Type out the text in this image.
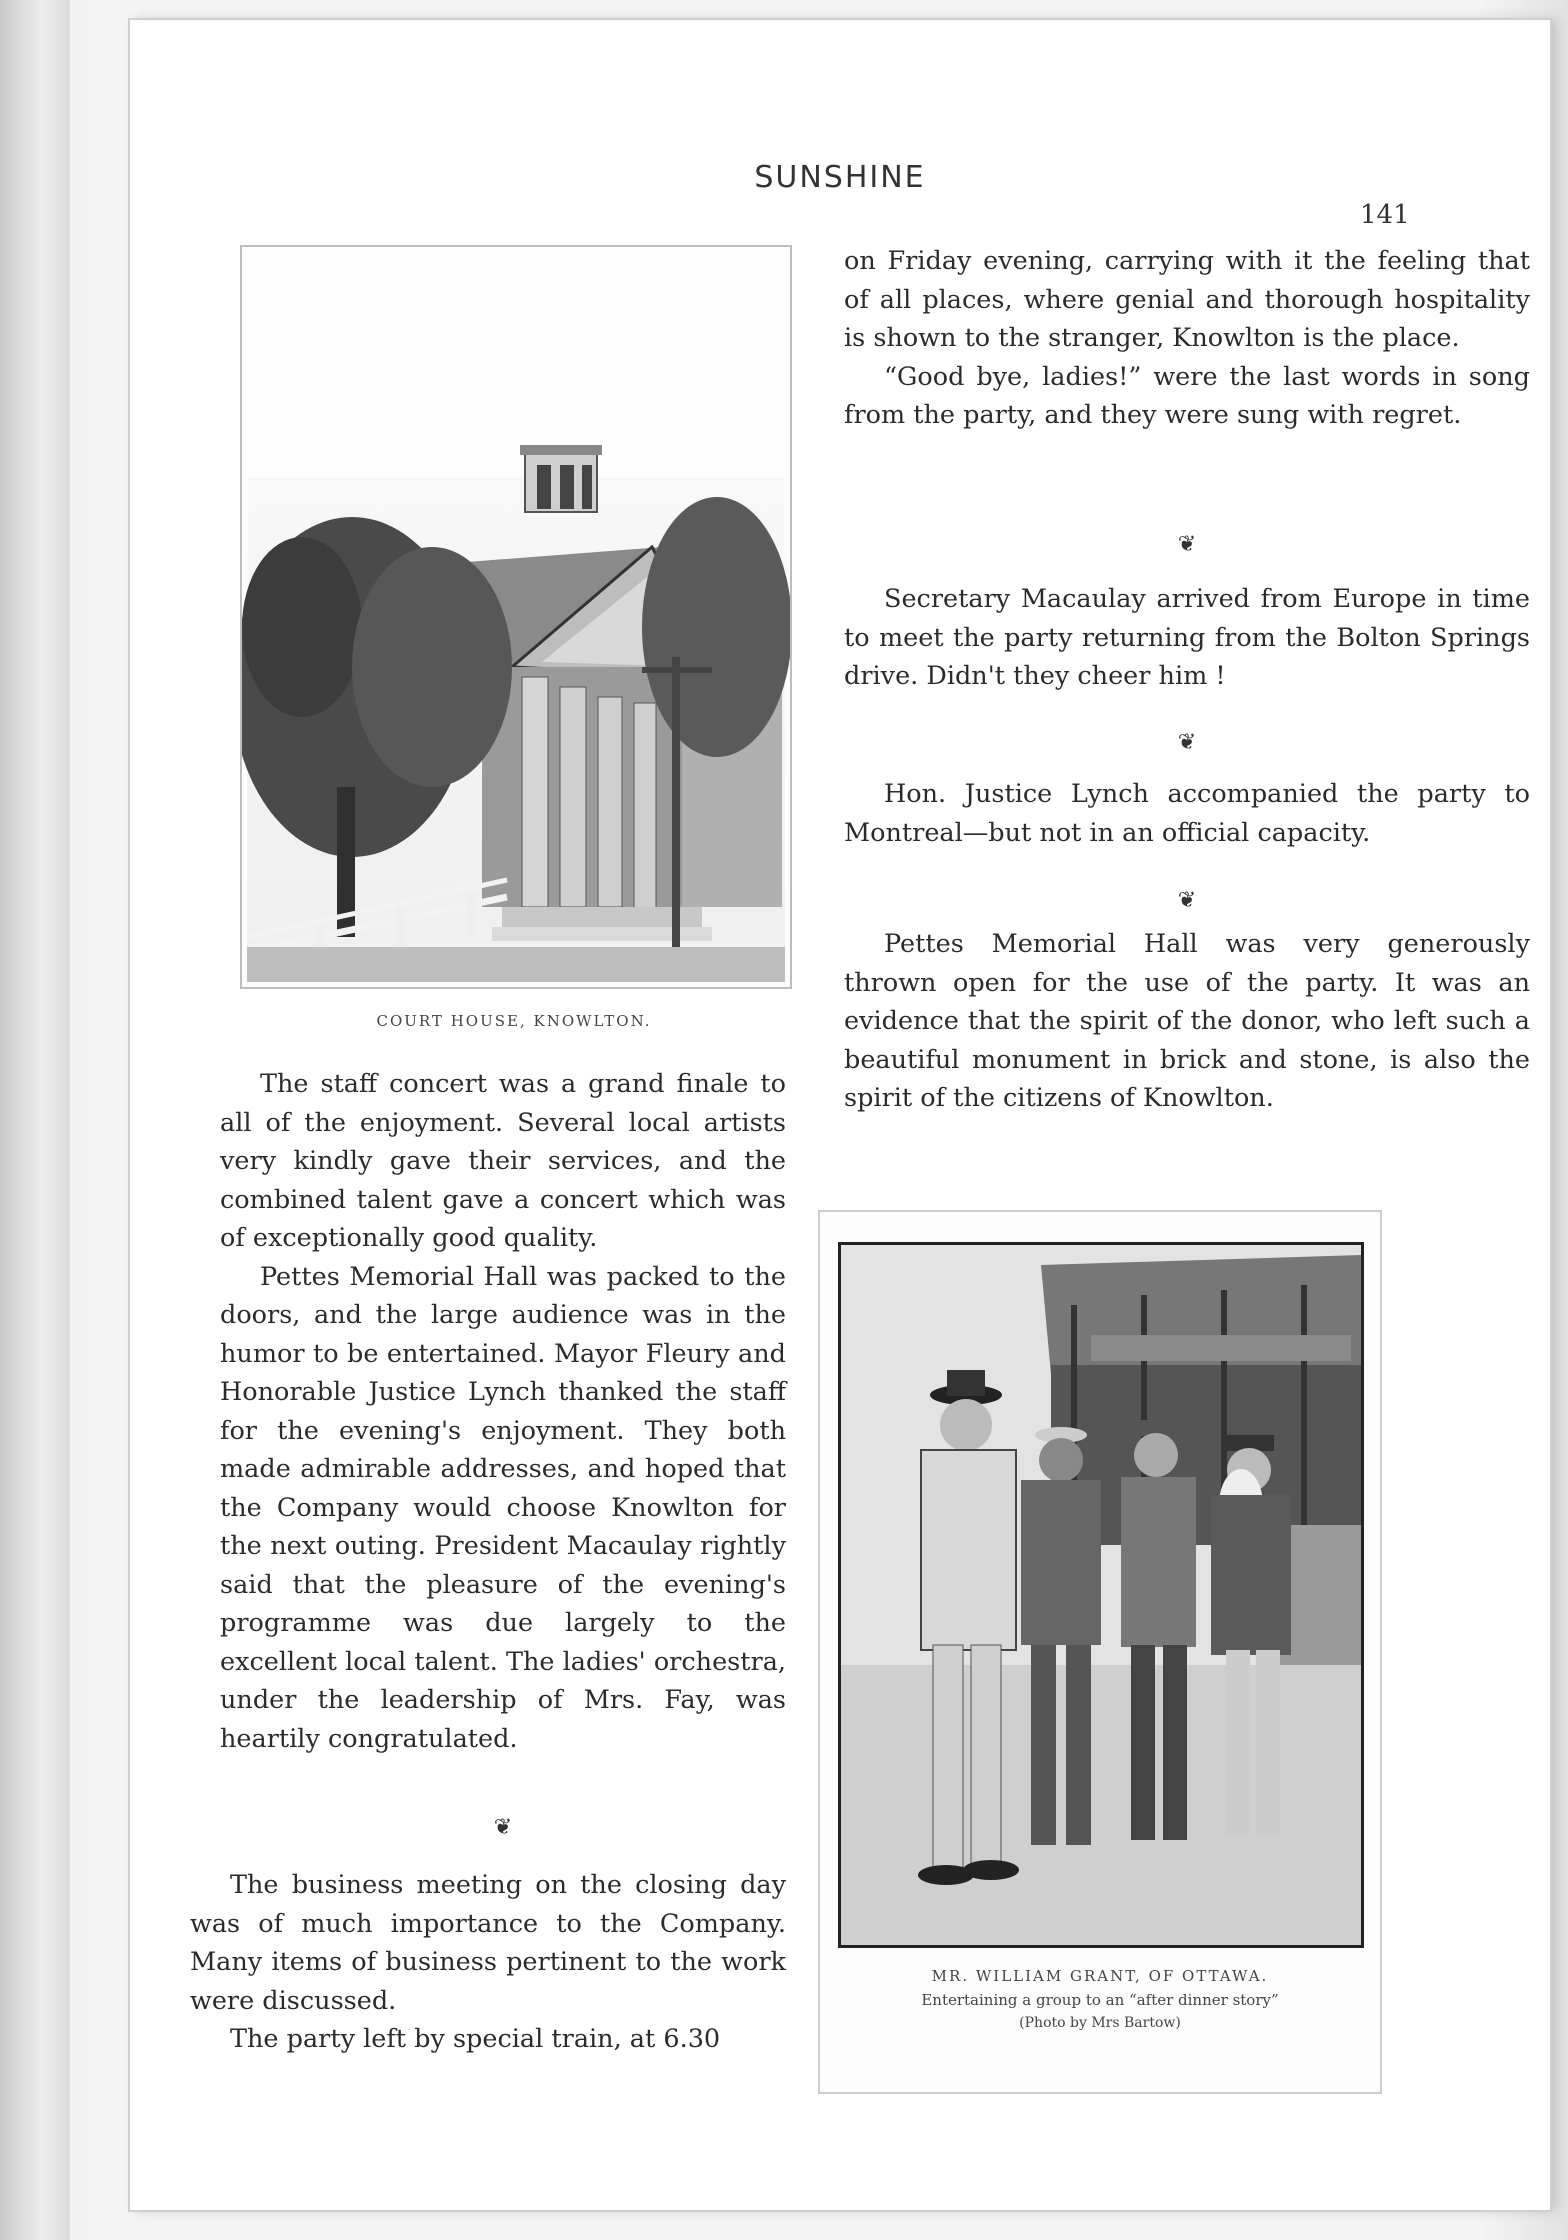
SUNSHINE
141
COURT HOUSE, KNOWLTON.

The staff concert was a grand finale to all of the enjoyment. Several local artists very kindly gave their services, and the combined talent gave a concert which was of exceptionally good quality.

Pettes Memorial Hall was packed to the doors, and the large audience was in the humor to be entertained. Mayor Fleury and Honorable Justice Lynch thanked the staff for the evening's enjoyment. They both made admirable addresses, and hoped that the Company would choose Knowlton for the next outing. President Macaulay rightly said that the pleasure of the evening's programme was due largely to the excellent local talent. The ladies' orchestra, under the leadership of Mrs. Fay, was heartily congratulated.

❦

The business meeting on the closing day was of much importance to the Company. Many items of business pertinent to the work were discussed.

The party left by special train, at 6.30

on Friday evening, carrying with it the feeling that of all places, where genial and thorough hospitality is shown to the stranger, Knowlton is the place.

“Good bye, ladies!” were the last words in song from the party, and they were sung with regret.

❦

Secretary Macaulay arrived from Europe in time to meet the party returning from the Bolton Springs drive. Didn't they cheer him !

❦

Hon. Justice Lynch accompanied the party to Montreal—but not in an official capacity.

❦

Pettes Memorial Hall was very generously thrown open for the use of the party. It was an evidence that the spirit of the donor, who left such a beautiful monument in brick and stone, is also the spirit of the citizens of Knowlton.

MR. WILLIAM GRANT, OF OTTAWA.
Entertaining a group to an “after dinner story”
(Photo by Mrs Bartow)
